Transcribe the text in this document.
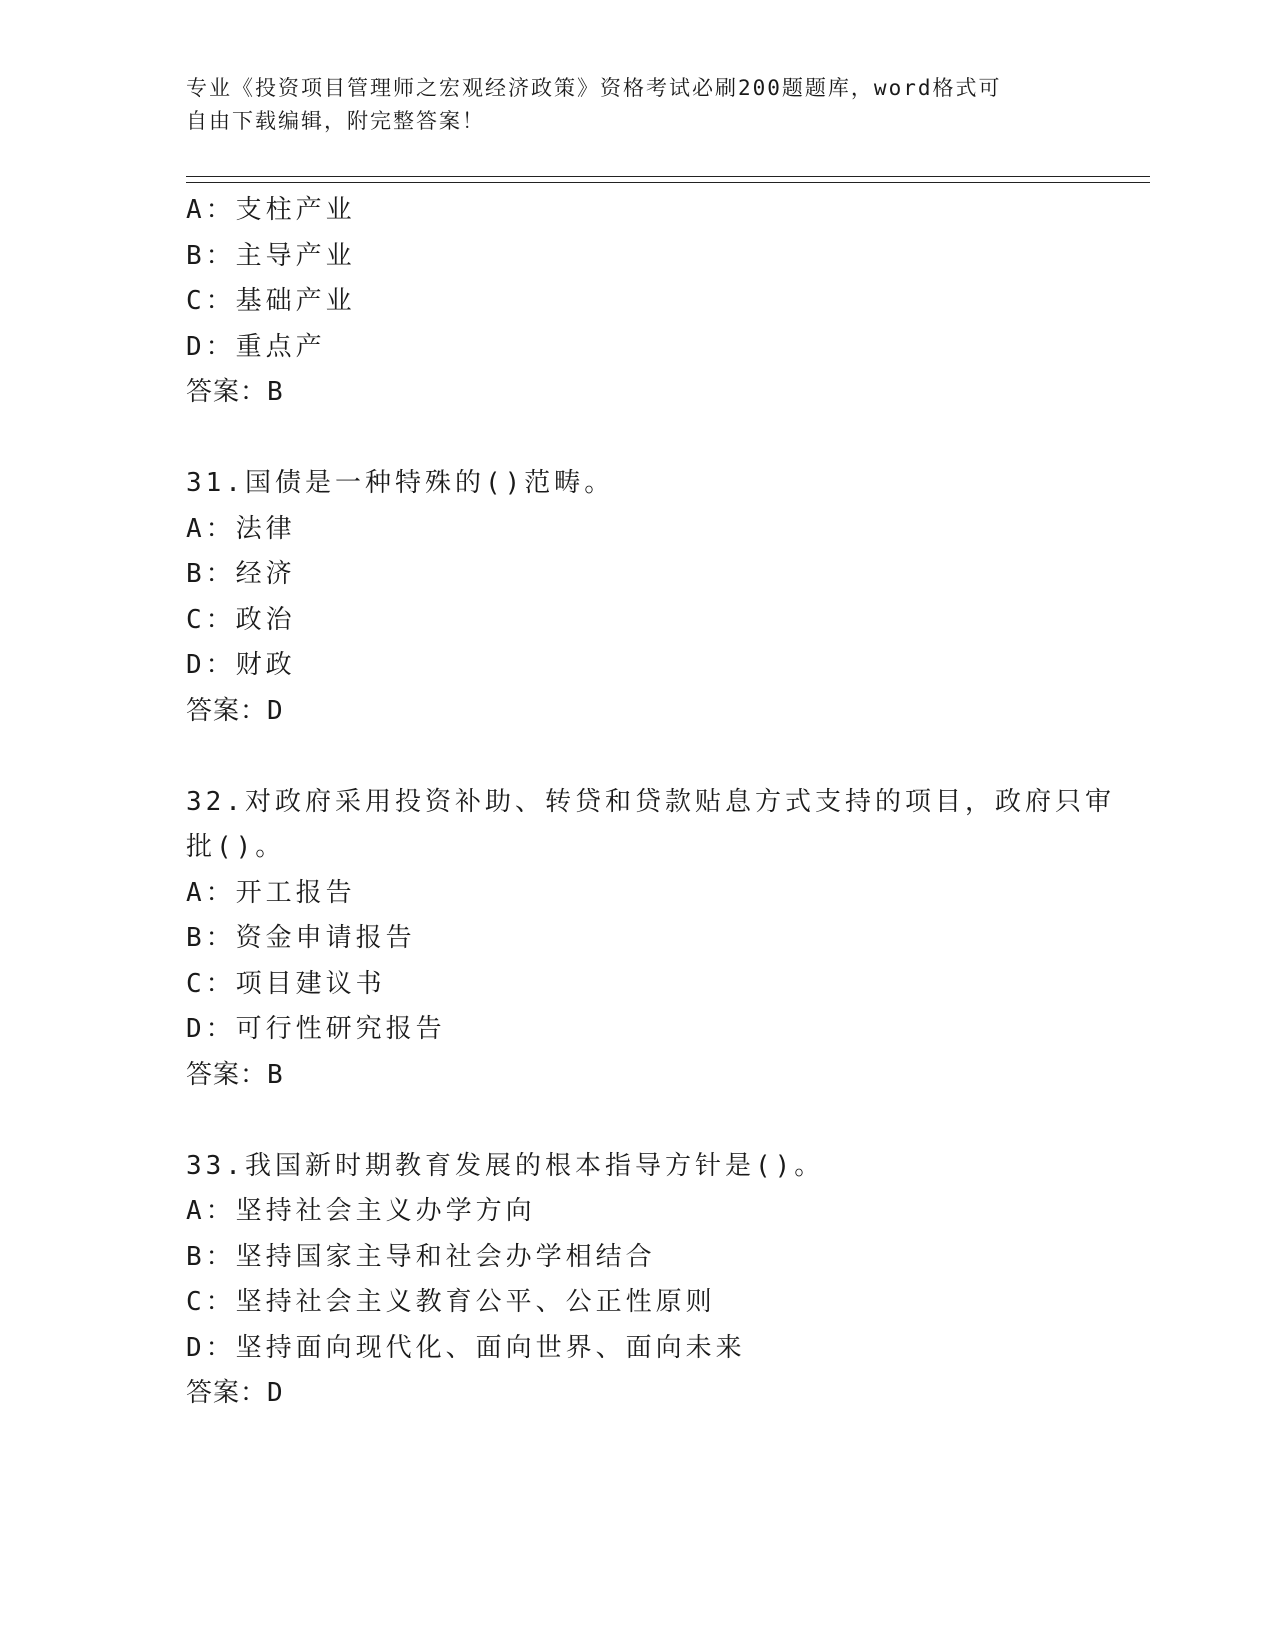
专业《投资项目管理师之宏观经济政策》资格考试必刷200题题库，word格式可
自由下载编辑，附完整答案！
A：支柱产业
B：主导产业
C：基础产业
D：重点产
答案：B
31.国债是一种特殊的()范畴。
A：法律
B：经济
C：政治
D：财政
答案：D
32.对政府采用投资补助、转贷和贷款贴息方式支持的项目，政府只审
批()。
A：开工报告
B：资金申请报告
C：项目建议书
D：可行性研究报告
答案：B
33.我国新时期教育发展的根本指导方针是()。
A：坚持社会主义办学方向
B：坚持国家主导和社会办学相结合
C：坚持社会主义教育公平、公正性原则
D：坚持面向现代化、面向世界、面向未来
答案：D
